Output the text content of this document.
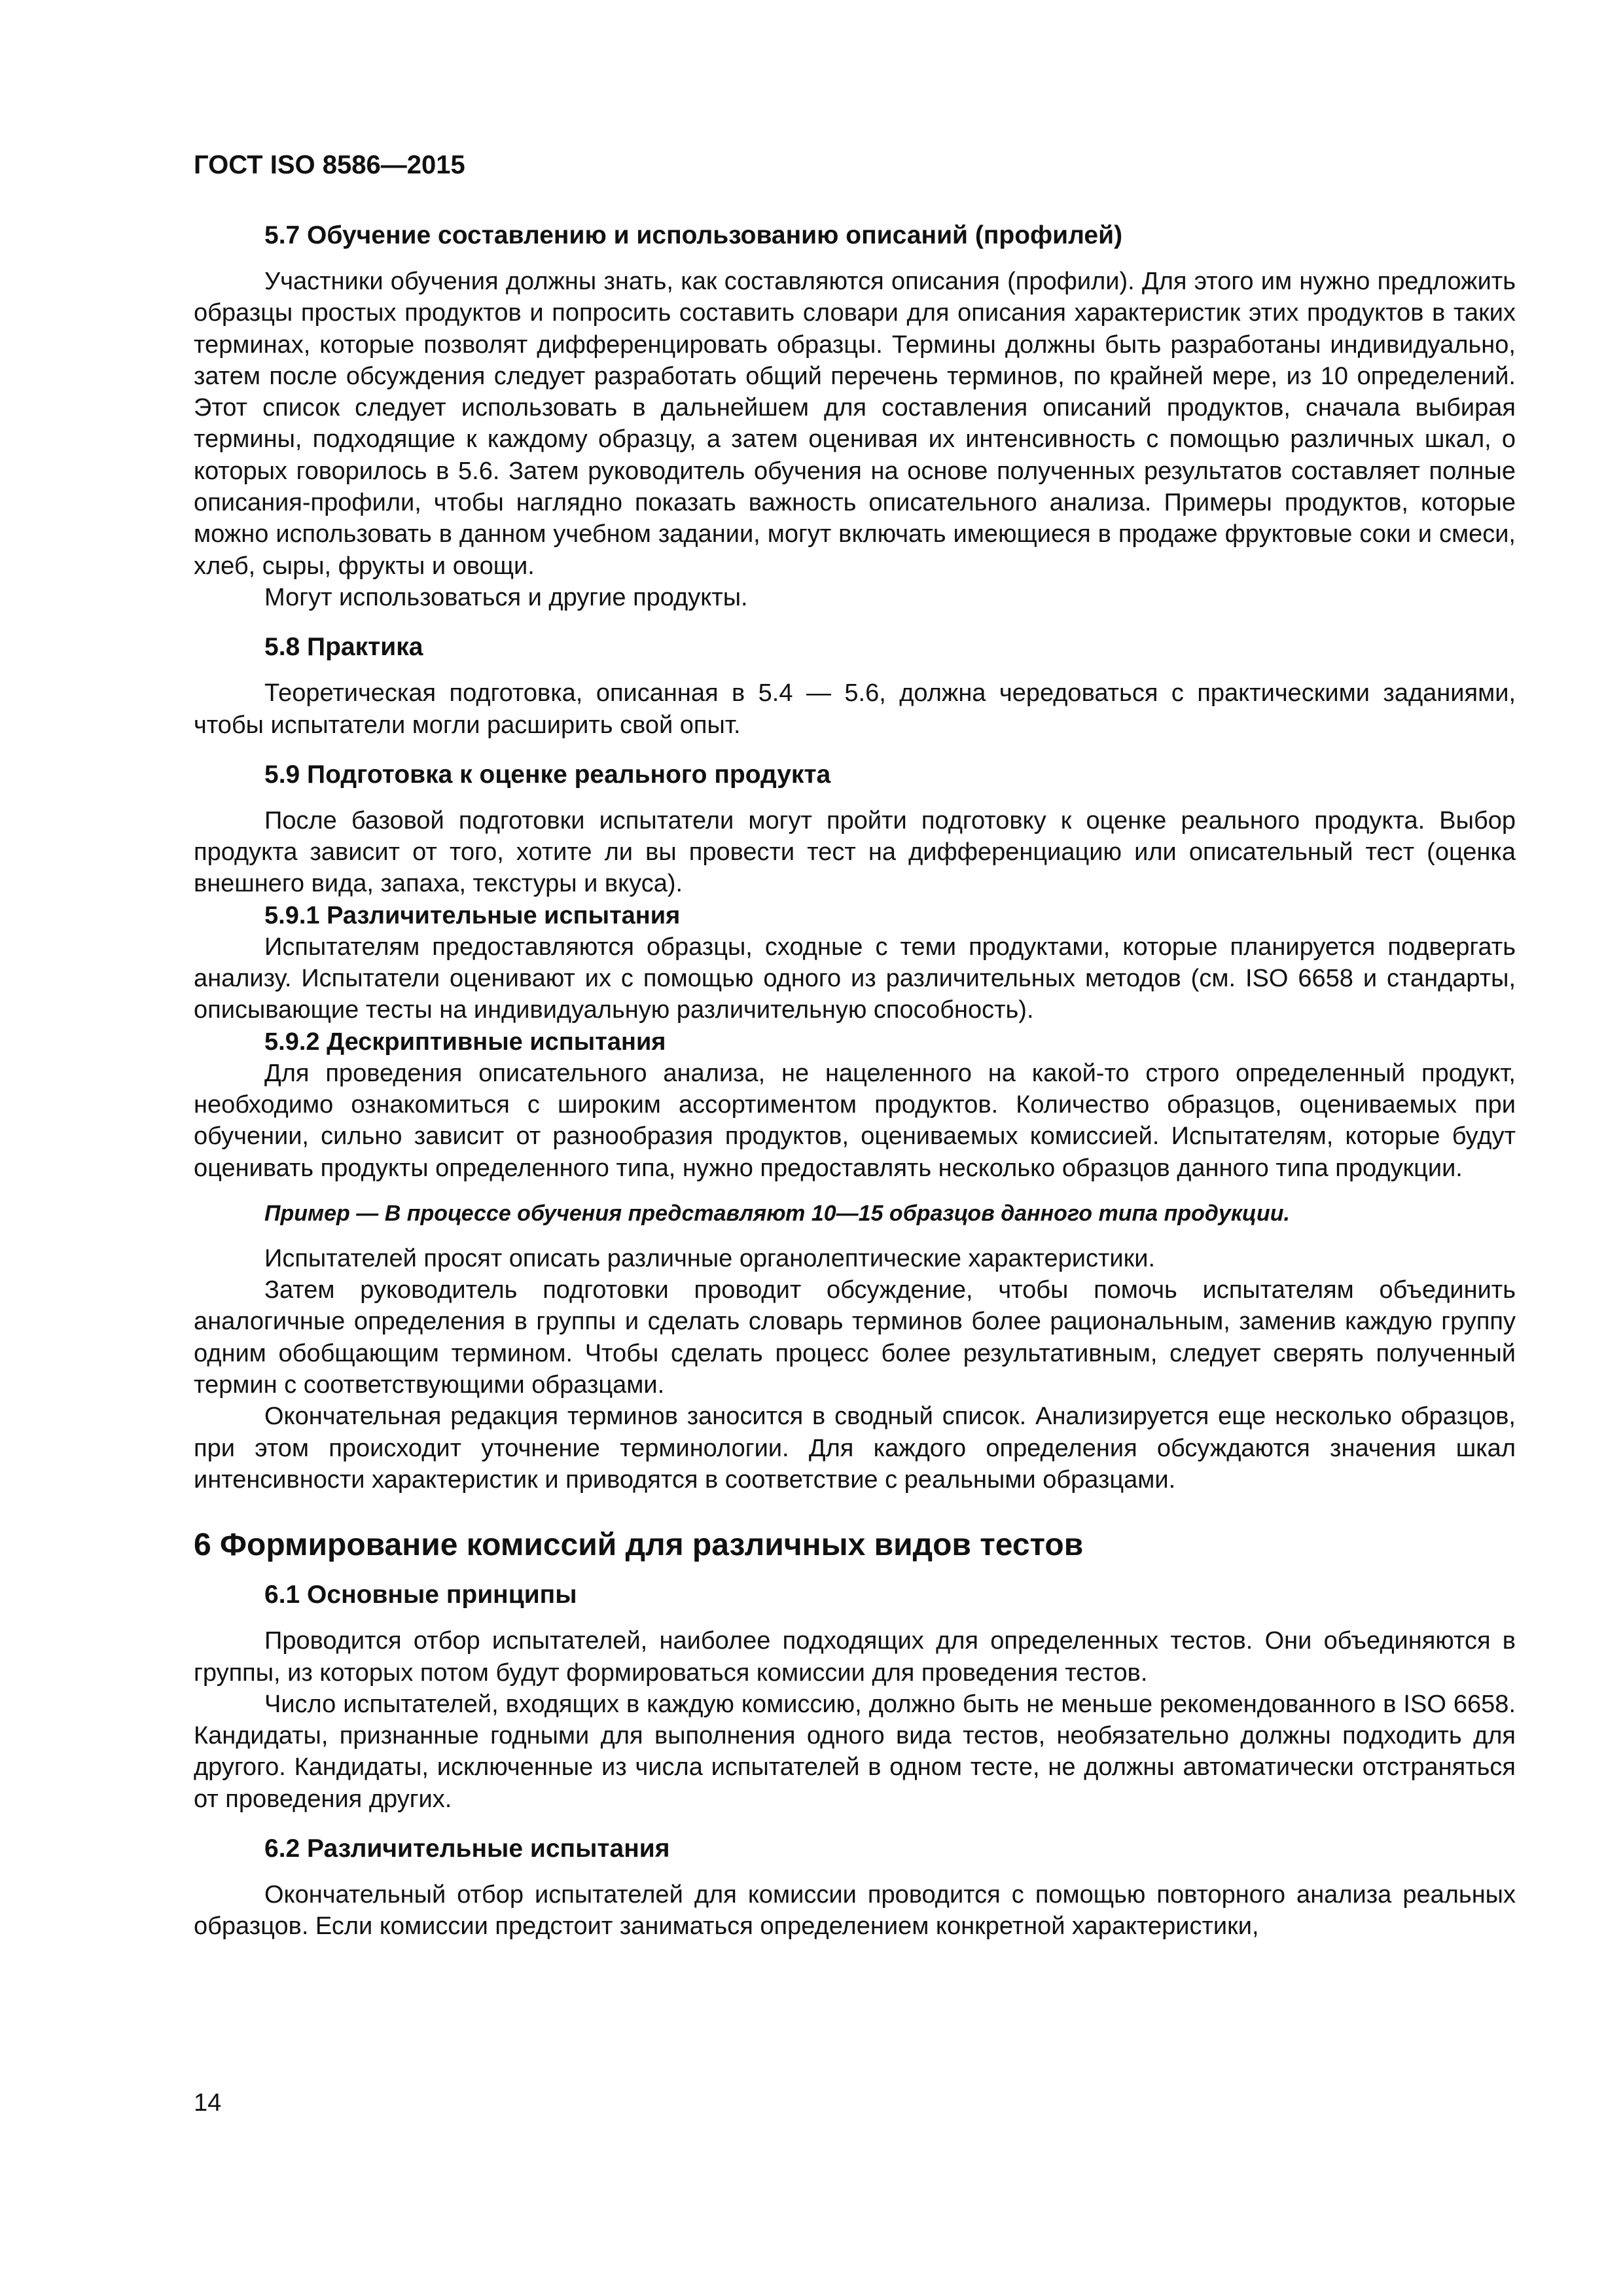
ГОСТ ISO 8586—2015
5.7 Обучение составлению и использованию описаний (профилей)

Участники обучения должны знать, как составляются описания (профили). Для этого им нужно предложить образцы простых продуктов и попросить составить словари для описания характеристик этих продуктов в таких терминах, которые позволят дифференцировать образцы. Термины должны быть разработаны индивидуально, затем после обсуждения следует разработать общий перечень терминов, по крайней мере, из 10 определений. Этот список следует использовать в дальнейшем для составления описаний продуктов, сначала выбирая термины, подходящие к каждому образцу, а затем оценивая их интенсивность с помощью различных шкал, о которых говорилось в 5.6. Затем руководитель обучения на основе полученных результатов составляет полные описания-профили, чтобы наглядно показать важность описательного анализа. Примеры продуктов, которые можно использовать в данном учебном задании, могут включать имеющиеся в продаже фруктовые соки и смеси, хлеб, сыры, фрукты и овощи.

Могут использоваться и другие продукты.

5.8 Практика

Теоретическая подготовка, описанная в 5.4 — 5.6, должна чередоваться с практическими заданиями, чтобы испытатели могли расширить свой опыт.

5.9 Подготовка к оценке реального продукта

После базовой подготовки испытатели могут пройти подготовку к оценке реального продукта. Выбор продукта зависит от того, хотите ли вы провести тест на дифференциацию или описательный тест (оценка внешнего вида, запаха, текстуры и вкуса).

5.9.1 Различительные испытания

Испытателям предоставляются образцы, сходные с теми продуктами, которые планируется подвергать анализу. Испытатели оценивают их с помощью одного из различительных методов (см. ISO 6658 и стандарты, описывающие тесты на индивидуальную различительную способность).

5.9.2 Дескриптивные испытания

Для проведения описательного анализа, не нацеленного на какой-то строго определенный продукт, необходимо ознакомиться с широким ассортиментом продуктов. Количество образцов, оцениваемых при обучении, сильно зависит от разнообразия продуктов, оцениваемых комиссией. Испытателям, которые будут оценивать продукты определенного типа, нужно предоставлять несколько образцов данного типа продукции.

Пример — В процессе обучения представляют 10—15 образцов данного типа продукции.

Испытателей просят описать различные органолептические характеристики.

Затем руководитель подготовки проводит обсуждение, чтобы помочь испытателям объединить аналогичные определения в группы и сделать словарь терминов более рациональным, заменив каждую группу одним обобщающим термином. Чтобы сделать процесс более результативным, следует сверять полученный термин с соответствующими образцами.

Окончательная редакция терминов заносится в сводный список. Анализируется еще несколько образцов, при этом происходит уточнение терминологии. Для каждого определения обсуждаются значения шкал интенсивности характеристик и приводятся в соответствие с реальными образцами.

6 Формирование комиссий для различных видов тестов
6.1 Основные принципы

Проводится отбор испытателей, наиболее подходящих для определенных тестов. Они объединяются в группы, из которых потом будут формироваться комиссии для проведения тестов.

Число испытателей, входящих в каждую комиссию, должно быть не меньше рекомендованного в ISO 6658. Кандидаты, признанные годными для выполнения одного вида тестов, необязательно должны подходить для другого. Кандидаты, исключенные из числа испытателей в одном тесте, не должны автоматически отстраняться от проведения других.

6.2 Различительные испытания

Окончательный отбор испытателей для комиссии проводится с помощью повторного анализа реальных образцов. Если комиссии предстоит заниматься определением конкретной характеристики,

14
